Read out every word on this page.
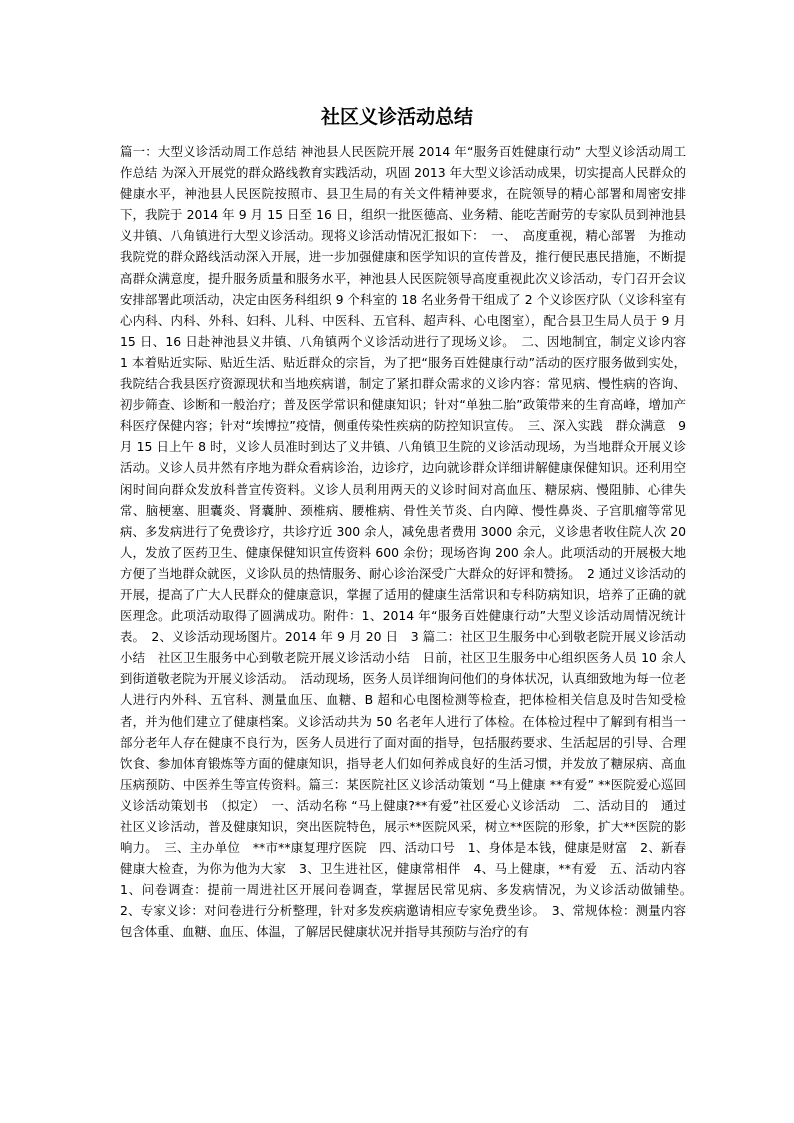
社区义诊活动总结

篇一：大型义诊活动周工作总结 神池县人民医院开展 2014 年“服务百姓健康行动” 大型义诊活动周工作总结 为深入开展党的群众路线教育实践活动，巩固 2013 年大型义诊活动成果，切实提高人民群众的健康水平，神池县人民医院按照市、县卫生局的有关文件精神要求，在院领导的精心部署和周密安排下，我院于 2014 年 9 月 15 日至 16 日，组织一批医德高、业务精、能吃苦耐劳的专家队员到神池县义井镇、八角镇进行大型义诊活动。现将义诊活动情况汇报如下：　一、　高度重视，精心部署　为推动我院党的群众路线活动深入开展，进一步加强健康和医学知识的宣传普及，推行便民惠民措施，不断提高群众满意度，提升服务质量和服务水平，神池县人民医院领导高度重视此次义诊活动，专门召开会议安排部署此项活动，决定由医务科组织 9 个科室的 18 名业务骨干组成了 2 个义诊医疗队（义诊科室有心内科、内科、外科、妇科、儿科、中医科、五官科、超声科、心电图室），配合县卫生局人员于 9 月 15 日、16 日赴神池县义井镇、八角镇两个义诊活动进行了现场义诊。　二、因地制宜，制定义诊内容　1 本着贴近实际、贴近生活、贴近群众的宗旨，为了把“服务百姓健康行动”活动的医疗服务做到实处，我院结合我县医疗资源现状和当地疾病谱，制定了紧扣群众需求的义诊内容：常见病、慢性病的咨询、初步筛查、诊断和一般治疗；普及医学常识和健康知识；针对“单独二胎”政策带来的生育高峰，增加产科医疗保健内容；针对“埃博拉”疫情，侧重传染性疾病的防控知识宣传。　三、深入实践　群众满意　9 月 15 日上午 8 时，义诊人员准时到达了义井镇、八角镇卫生院的义诊活动现场，为当地群众开展义诊活动。义诊人员井然有序地为群众看病诊治，边诊疗，边向就诊群众详细讲解健康保健知识。还利用空闲时间向群众发放科普宣传资料。义诊人员利用两天的义诊时间对高血压、糖尿病、慢阻肺、心律失常、脑梗塞、胆囊炎、肾囊肿、颈椎病、腰椎病、骨性关节炎、白内障、慢性鼻炎、子宫肌瘤等常见病、多发病进行了免费诊疗，共诊疗近 300 余人，减免患者费用 3000 余元，义诊患者收住院人次 20 人，发放了医药卫生、健康保健知识宣传资料 600 余份；现场咨询 200 余人。此项活动的开展极大地方便了当地群众就医，义诊队员的热情服务、耐心诊治深受广大群众的好评和赞扬。　2 通过义诊活动的开展，提高了广大人民群众的健康意识，掌握了适用的健康生活常识和专科防病知识，培养了正确的就医理念。此项活动取得了圆满成功。附件：1、2014 年“服务百姓健康行动”大型义诊活动周情况统计表。　2、义诊活动现场图片。2014 年 9 月 20 日　3 篇二：社区卫生服务中心到敬老院开展义诊活动小结　社区卫生服务中心到敬老院开展义诊活动小结　日前，社区卫生服务中心组织医务人员 10 余人到街道敬老院为开展义诊活动。　活动现场，医务人员详细询问他们的身体状况，认真细致地为每一位老人进行内外科、五官科、测量血压、血糖、B 超和心电图检测等检查，把体检相关信息及时告知受检者，并为他们建立了健康档案。义诊活动共为 50 名老年人进行了体检。在体检过程中了解到有相当一部分老年人存在健康不良行为，医务人员进行了面对面的指导，包括服药要求、生活起居的引导、合理饮食、参加体育锻炼等方面的健康知识，指导老人们如何养成良好的生活习惯，并发放了糖尿病、高血压病预防、中医养生等宣传资料。篇三：某医院社区义诊活动策划 “马上健康 **有爱” **医院爱心巡回义诊活动策划书　（拟定）　一、活动名称 “马上健康?**有爱”社区爱心义诊活动　二、活动目的　通过社区义诊活动，普及健康知识，突出医院特色，展示**医院风采，树立**医院的形象，扩大**医院的影响力。　三、主办单位　**市**康复理疗医院　四、活动口号　1、身体是本钱，健康是财富　2、新春健康大检查，为你为他为大家　3、卫生进社区，健康常相伴　4、马上健康，**有爱　五、活动内容　1、问卷调查：提前一周进社区开展问卷调查，掌握居民常见病、多发病情况，为义诊活动做铺垫。　2、专家义诊：对问卷进行分析整理，针对多发疾病邀请相应专家免费坐诊。　3、常规体检：测量内容包含体重、血糖、血压、体温，了解居民健康状况并指导其预防与治疗的有
